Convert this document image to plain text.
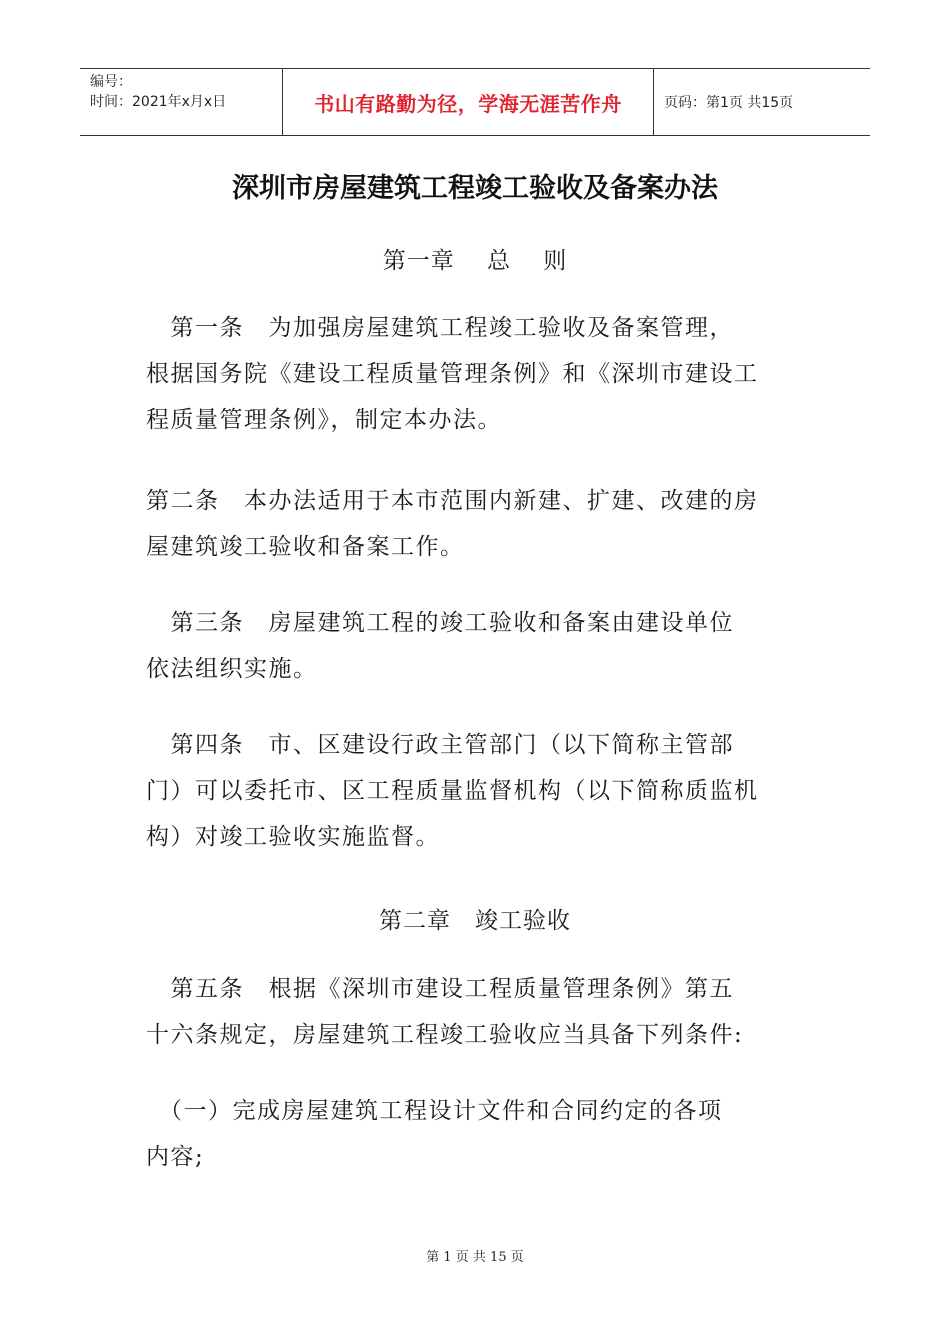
编号：
时间：2021年x月x日	书山有路勤为径，学海无涯苦作舟	页码：第1页 共15页
深圳市房屋建筑工程竣工验收及备案办法
第一章　 总　 则

　第一条　为加强房屋建筑工程竣工验收及备案管理，
根据国务院《建设工程质量管理条例》和《深圳市建设工
程质量管理条例》，制定本办法。

第二条　本办法适用于本市范围内新建、扩建、改建的房
屋建筑竣工验收和备案工作。

　第三条　房屋建筑工程的竣工验收和备案由建设单位
依法组织实施。

　第四条　市、区建设行政主管部门（以下简称主管部
门）可以委托市、区工程质量监督机构（以下简称质监机
构）对竣工验收实施监督。

第二章　竣工验收

　第五条　根据《深圳市建设工程质量管理条例》第五
十六条规定，房屋建筑工程竣工验收应当具备下列条件:

　（一）完成房屋建筑工程设计文件和合同约定的各项
内容;

第 1 页 共 15 页
